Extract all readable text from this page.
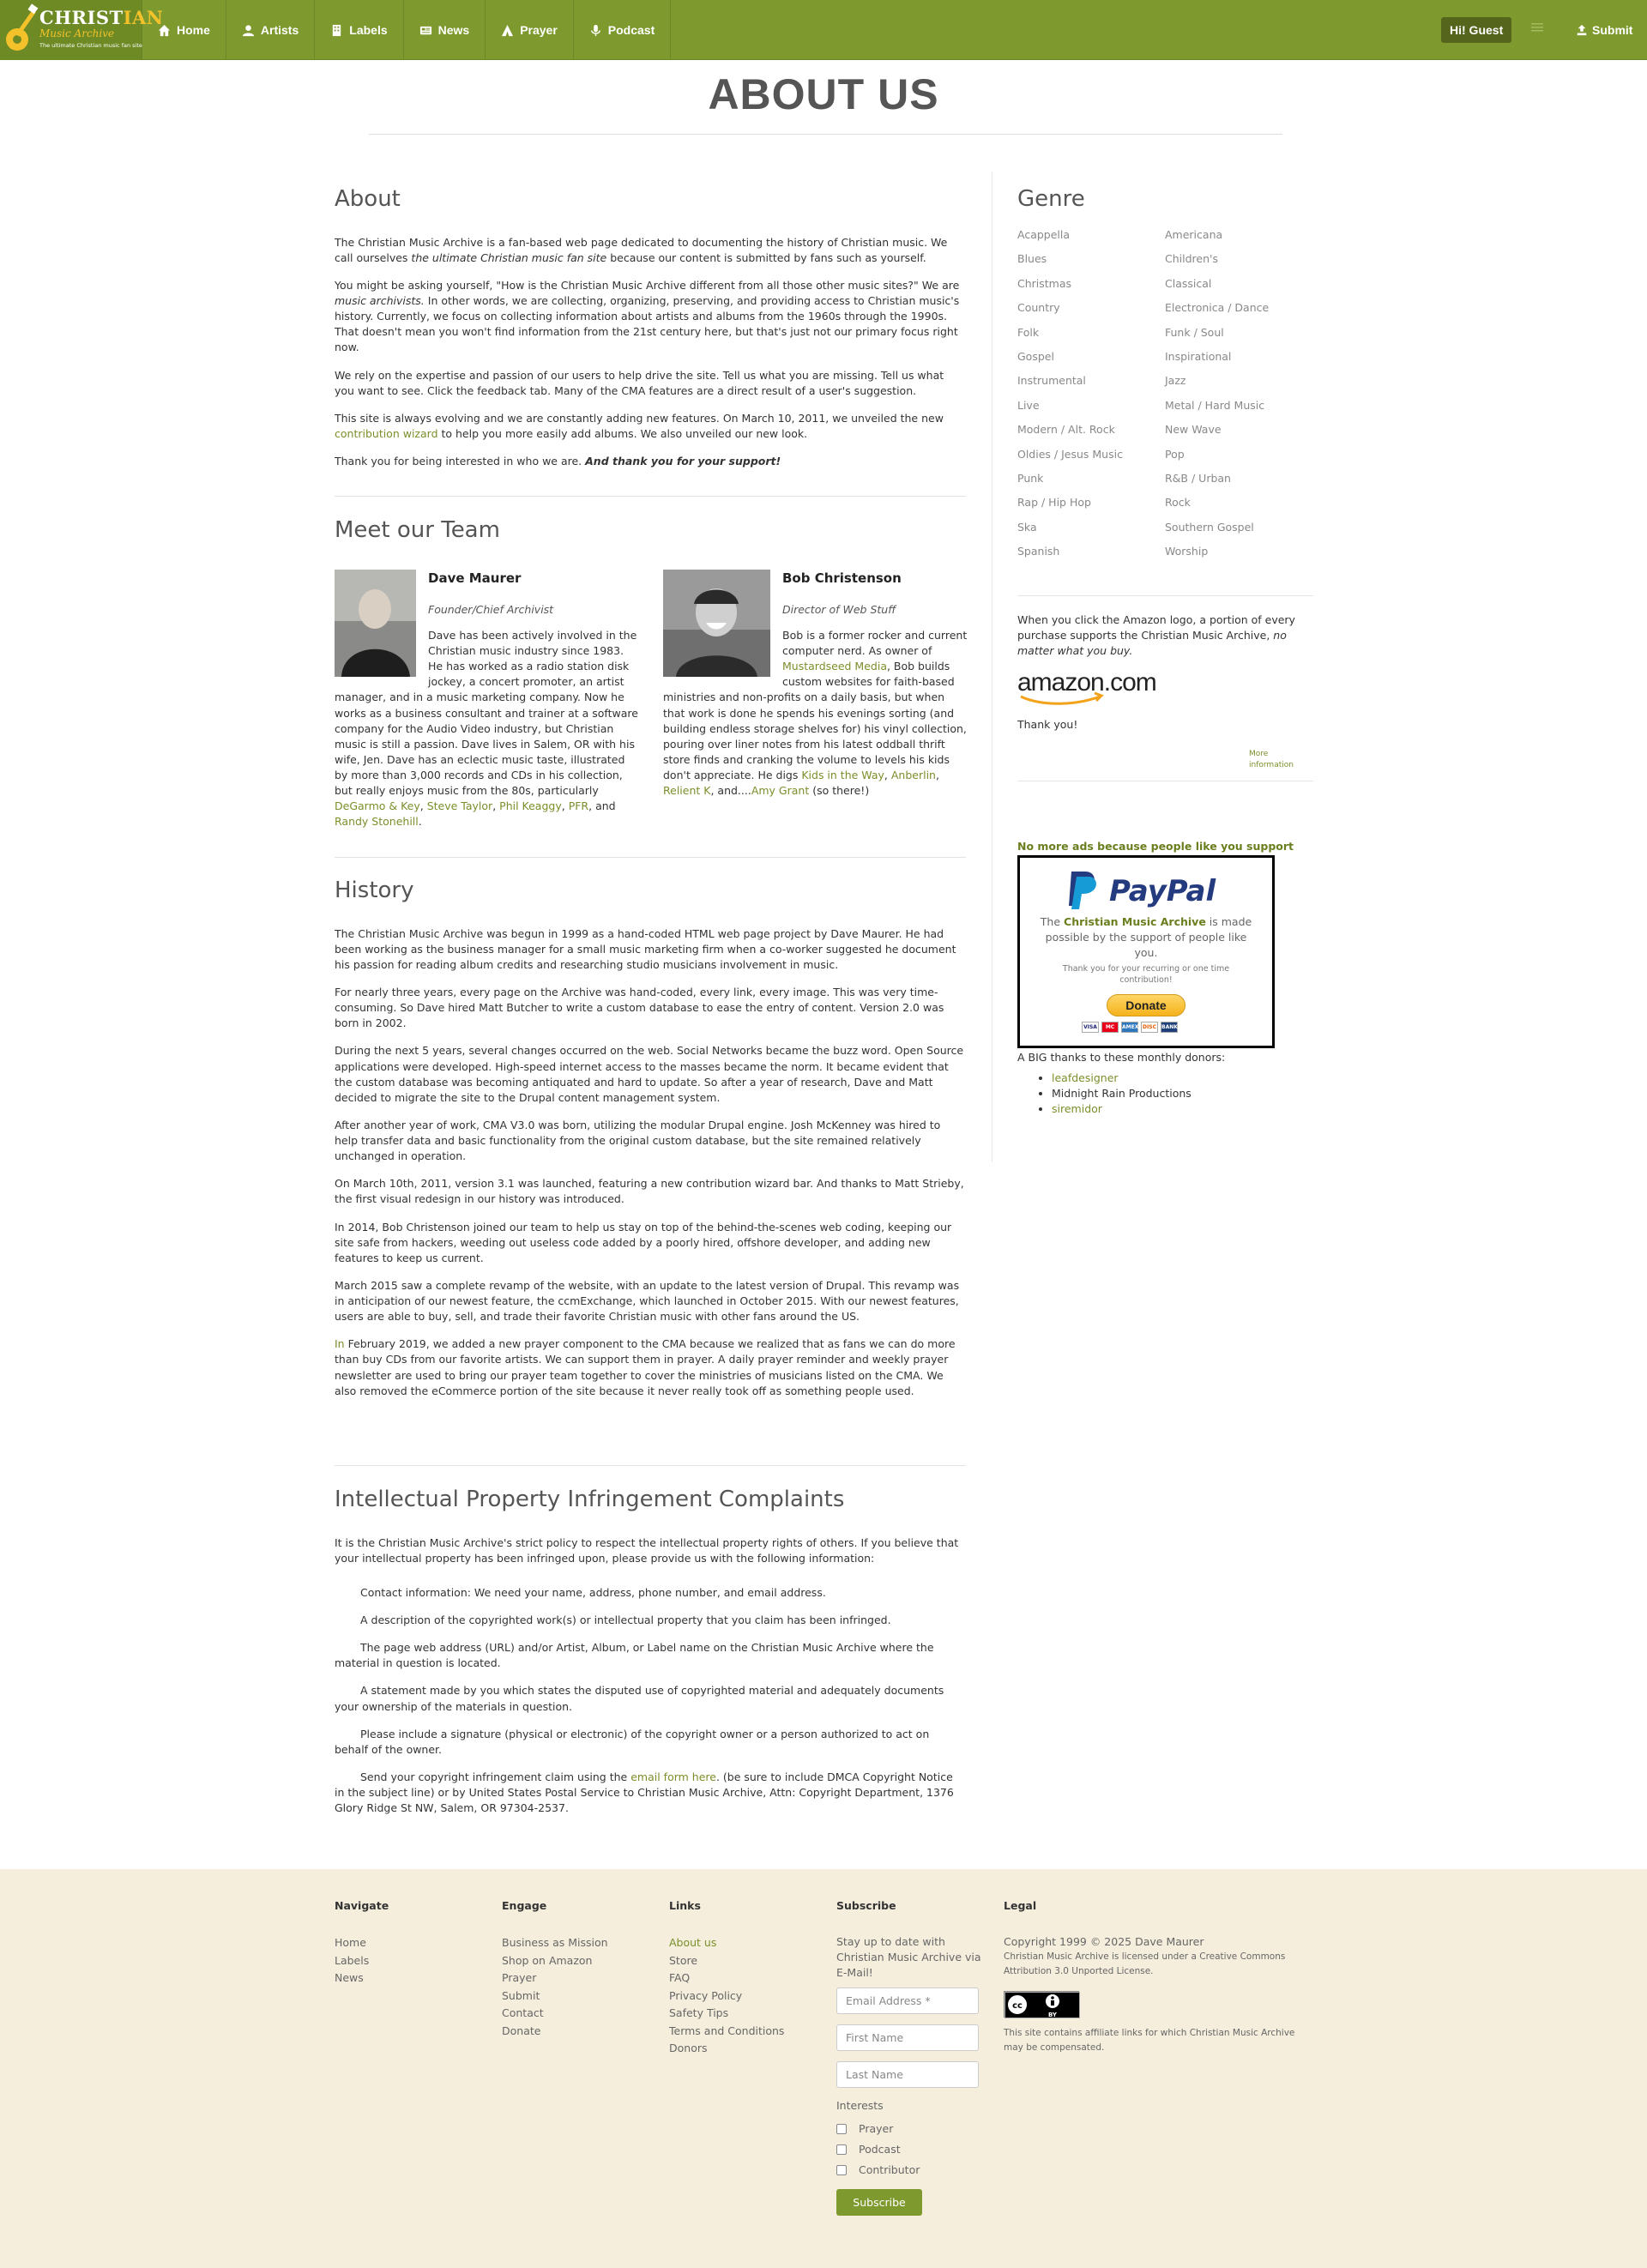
CHRISTIAN
Music Archive
The ultimate Christian music fan site
Home	Artists	Labels	News	Prayer	Podcast	Hi! Guest	Submit
ABOUT US
About

The Christian Music Archive is a fan-based web page dedicated to documenting the history of Christian music. We call ourselves the ultimate Christian music fan site because our content is submitted by fans such as yourself.

You might be asking yourself, "How is the Christian Music Archive different from all those other music sites?" We are music archivists. In other words, we are collecting, organizing, preserving, and providing access to Christian music's history. Currently, we focus on collecting information about artists and albums from the 1960s through the 1990s. That doesn't mean you won't find information from the 21st century here, but that's just not our primary focus right now.

We rely on the expertise and passion of our users to help drive the site. Tell us what you are missing. Tell us what you want to see. Click the feedback tab. Many of the CMA features are a direct result of a user's suggestion.

This site is always evolving and we are constantly adding new features. On March 10, 2011, we unveiled the new contribution wizard to help you more easily add albums. We also unveiled our new look.

Thank you for being interested in who we are. And thank you for your support!

Meet our Team
Dave Maurer
Founder/Chief Archivist
Dave has been actively involved in the Christian music industry since 1983. He has worked as a radio station disk jockey, a concert promoter, an artist manager, and in a music marketing company. Now he works as a business consultant and trainer at a software company for the Audio Video industry, but Christian music is still a passion. Dave lives in Salem, OR with his wife, Jen. Dave has an eclectic music taste, illustrated by more than 3,000 records and CDs in his collection, but really enjoys music from the 80s, particularly DeGarmo & Key, Steve Taylor, Phil Keaggy, PFR, and Randy Stonehill.
Bob Christenson
Director of Web Stuff
Bob is a former rocker and current computer nerd. As owner of Mustardseed Media, Bob builds custom websites for faith-based ministries and non-profits on a daily basis, but when that work is done he spends his evenings sorting (and building endless storage shelves for) his vinyl collection, pouring over liner notes from his latest oddball thrift store finds and cranking the volume to levels his kids don't appreciate. He digs Kids in the Way, Anberlin, Relient K, and....Amy Grant (so there!)
History

The Christian Music Archive was begun in 1999 as a hand-coded HTML web page project by Dave Maurer. He had been working as the business manager for a small music marketing firm when a co-worker suggested he document his passion for reading album credits and researching studio musicians involvement in music.

For nearly three years, every page on the Archive was hand-coded, every link, every image. This was very time-consuming. So Dave hired Matt Butcher to write a custom database to ease the entry of content. Version 2.0 was born in 2002.

During the next 5 years, several changes occurred on the web. Social Networks became the buzz word. Open Source applications were developed. High-speed internet access to the masses became the norm. It became evident that the custom database was becoming antiquated and hard to update. So after a year of research, Dave and Matt decided to migrate the site to the Drupal content management system.

After another year of work, CMA V3.0 was born, utilizing the modular Drupal engine. Josh McKenney was hired to help transfer data and basic functionality from the original custom database, but the site remained relatively unchanged in operation.

On March 10th, 2011, version 3.1 was launched, featuring a new contribution wizard bar. And thanks to Matt Strieby, the first visual redesign in our history was introduced.

In 2014, Bob Christenson joined our team to help us stay on top of the behind-the-scenes web coding, keeping our site safe from hackers, weeding out useless code added by a poorly hired, offshore developer, and adding new features to keep us current.

March 2015 saw a complete revamp of the website, with an update to the latest version of Drupal. This revamp was in anticipation of our newest feature, the ccmExchange, which launched in October 2015. With our newest features, users are able to buy, sell, and trade their favorite Christian music with other fans around the US.

In February 2019, we added a new prayer component to the CMA because we realized that as fans we can do more than buy CDs from our favorite artists. We can support them in prayer. A daily prayer reminder and weekly prayer newsletter are used to bring our prayer team together to cover the ministries of musicians listed on the CMA. We also removed the eCommerce portion of the site because it never really took off as something people used.

Intellectual Property Infringement Complaints

It is the Christian Music Archive's strict policy to respect the intellectual property rights of others. If you believe that your intellectual property has been infringed upon, please provide us with the following information:

Contact information: We need your name, address, phone number, and email address.

A description of the copyrighted work(s) or intellectual property that you claim has been infringed.

The page web address (URL) and/or Artist, Album, or Label name on the Christian Music Archive where the material in question is located.

A statement made by you which states the disputed use of copyrighted material and adequately documents your ownership of the materials in question.

Please include a signature (physical or electronic) of the copyright owner or a person authorized to act on behalf of the owner.

Send your copyright infringement claim using the email form here. (be sure to include DMCA Copyright Notice in the subject line) or by United States Postal Service to Christian Music Archive, Attn: Copyright Department, 1376 Glory Ridge St NW, Salem, OR 97304-2537.

Genre
Acappella	Americana
Blues	Children's
Christmas	Classical
Country	Electronica / Dance
Folk	Funk / Soul
Gospel	Inspirational
Instrumental	Jazz
Live	Metal / Hard Music
Modern / Alt. Rock	New Wave
Oldies / Jesus Music	Pop
Punk	R&B / Urban
Rap / Hip Hop	Rock
Ska	Southern Gospel
Spanish	Worship
When you click the Amazon logo, a portion of every purchase supports the Christian Music Archive, no matter what you buy.
amazon.com
Thank you!
More information
No more ads because people like you support
PayPal
The Christian Music Archive is made possible by the support of people like you.
Thank you for your recurring or one time contribution!
Donate
VISA	MC	AMEX DISC	BANK
A BIG thanks to these monthly donors:
• leafdesigner
• Midnight Rain Productions
• siremidor
Navigate
Home
Labels
News
Engage
Business as Mission
Shop on Amazon
Prayer
Submit
Contact
Donate
Links
About us
Store
FAQ
Privacy Policy
Safety Tips
Terms and Conditions
Donors
Subscribe
Stay up to date with Christian Music Archive via E-Mail!
Email Address *
First Name
Last Name
Interests
Prayer
Podcast
Contributor
Subscribe
Legal
Copyright 1999 © 2025 Dave Maurer
Christian Music Archive is licensed under a Creative Commons Attribution 3.0 Unported License.
cc
BY
This site contains affiliate links for which Christian Music Archive may be compensated.
